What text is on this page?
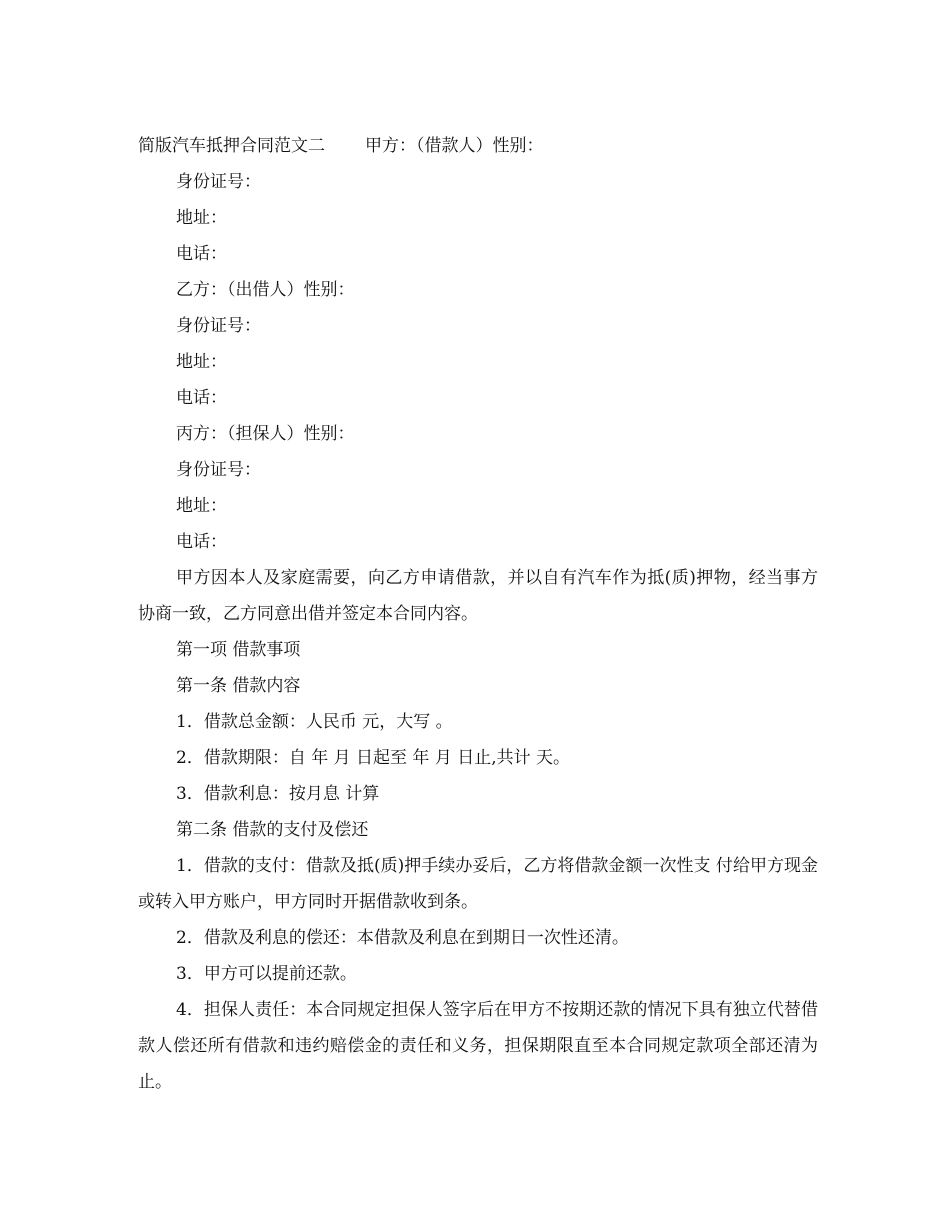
简版汽车抵押合同范文二 甲方：（借款人）性别：
身份证号：
地址：
电话：
乙方：（出借人）性别：
身份证号：
地址：
电话：
丙方：（担保人）性别：
身份证号：
地址：
电话：

甲方因本人及家庭需要，向乙方申请借款，并以自有汽车作为抵(质)押物，经当事方协商一致，乙方同意出借并签定本合同内容。

第一项 借款事项
第一条 借款内容
1．借款总金额：人民币 元，大写 。
2．借款期限：自 年 月 日起至 年 月 日止,共计 天。
3．借款利息：按月息 计算
第二条 借款的支付及偿还

1．借款的支付：借款及抵(质)押手续办妥后，乙方将借款金额一次性支 付给甲方现金或转入甲方账户，甲方同时开据借款收到条。

2．借款及利息的偿还：本借款及利息在到期日一次性还清。
3．甲方可以提前还款。

4．担保人责任：本合同规定担保人签字后在甲方不按期还款的情况下具有独立代替借款人偿还所有借款和违约赔偿金的责任和义务，担保期限直至本合同规定款项全部还清为止。
